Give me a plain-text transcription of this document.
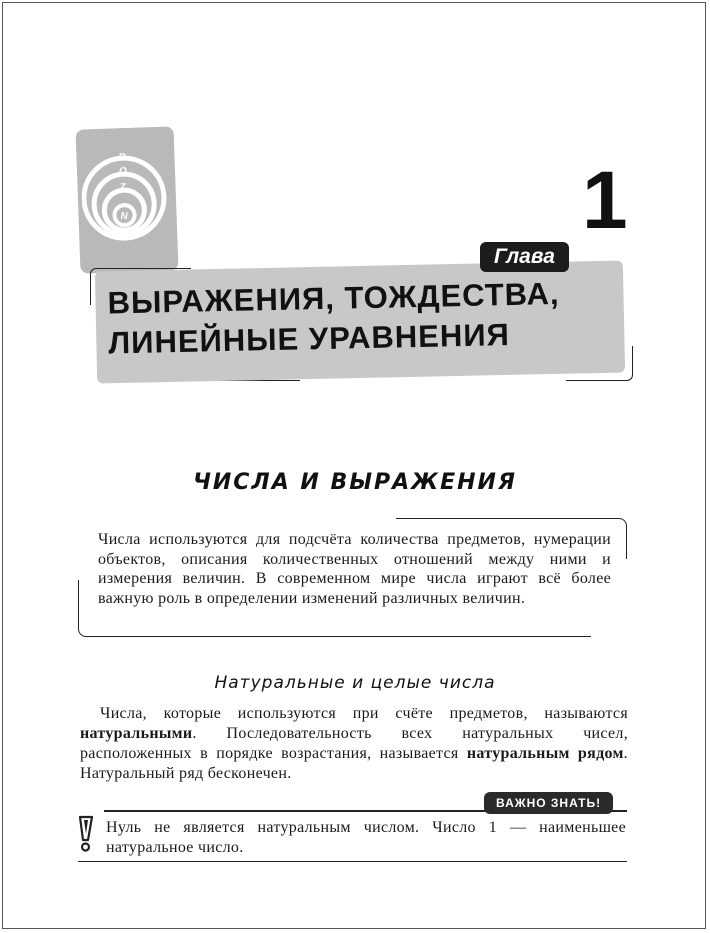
R
Q
Z
N	1
Глава
ВЫРАЖЕНИЯ, ТОЖДЕСТВА,
ЛИНЕЙНЫЕ УРАВНЕНИЯ
ЧИСЛА И ВЫРАЖЕНИЯ
Числа используются для подсчёта количества предметов, нумерации объектов, описания количественных отношений между ними и измерения величин. В современном мире числа играют всё более важную роль в определении изменений различных величин.
Натуральные и целые числа
Числа, которые используются при счёте предметов, называются натуральными. Последовательность всех натуральных чисел, расположенных в порядке возрастания, называется натуральным рядом. Натуральный ряд бесконечен.
ВАЖНО ЗНАТЬ!
Нуль не является натуральным числом. Число 1 — наименьшее натуральное число.
